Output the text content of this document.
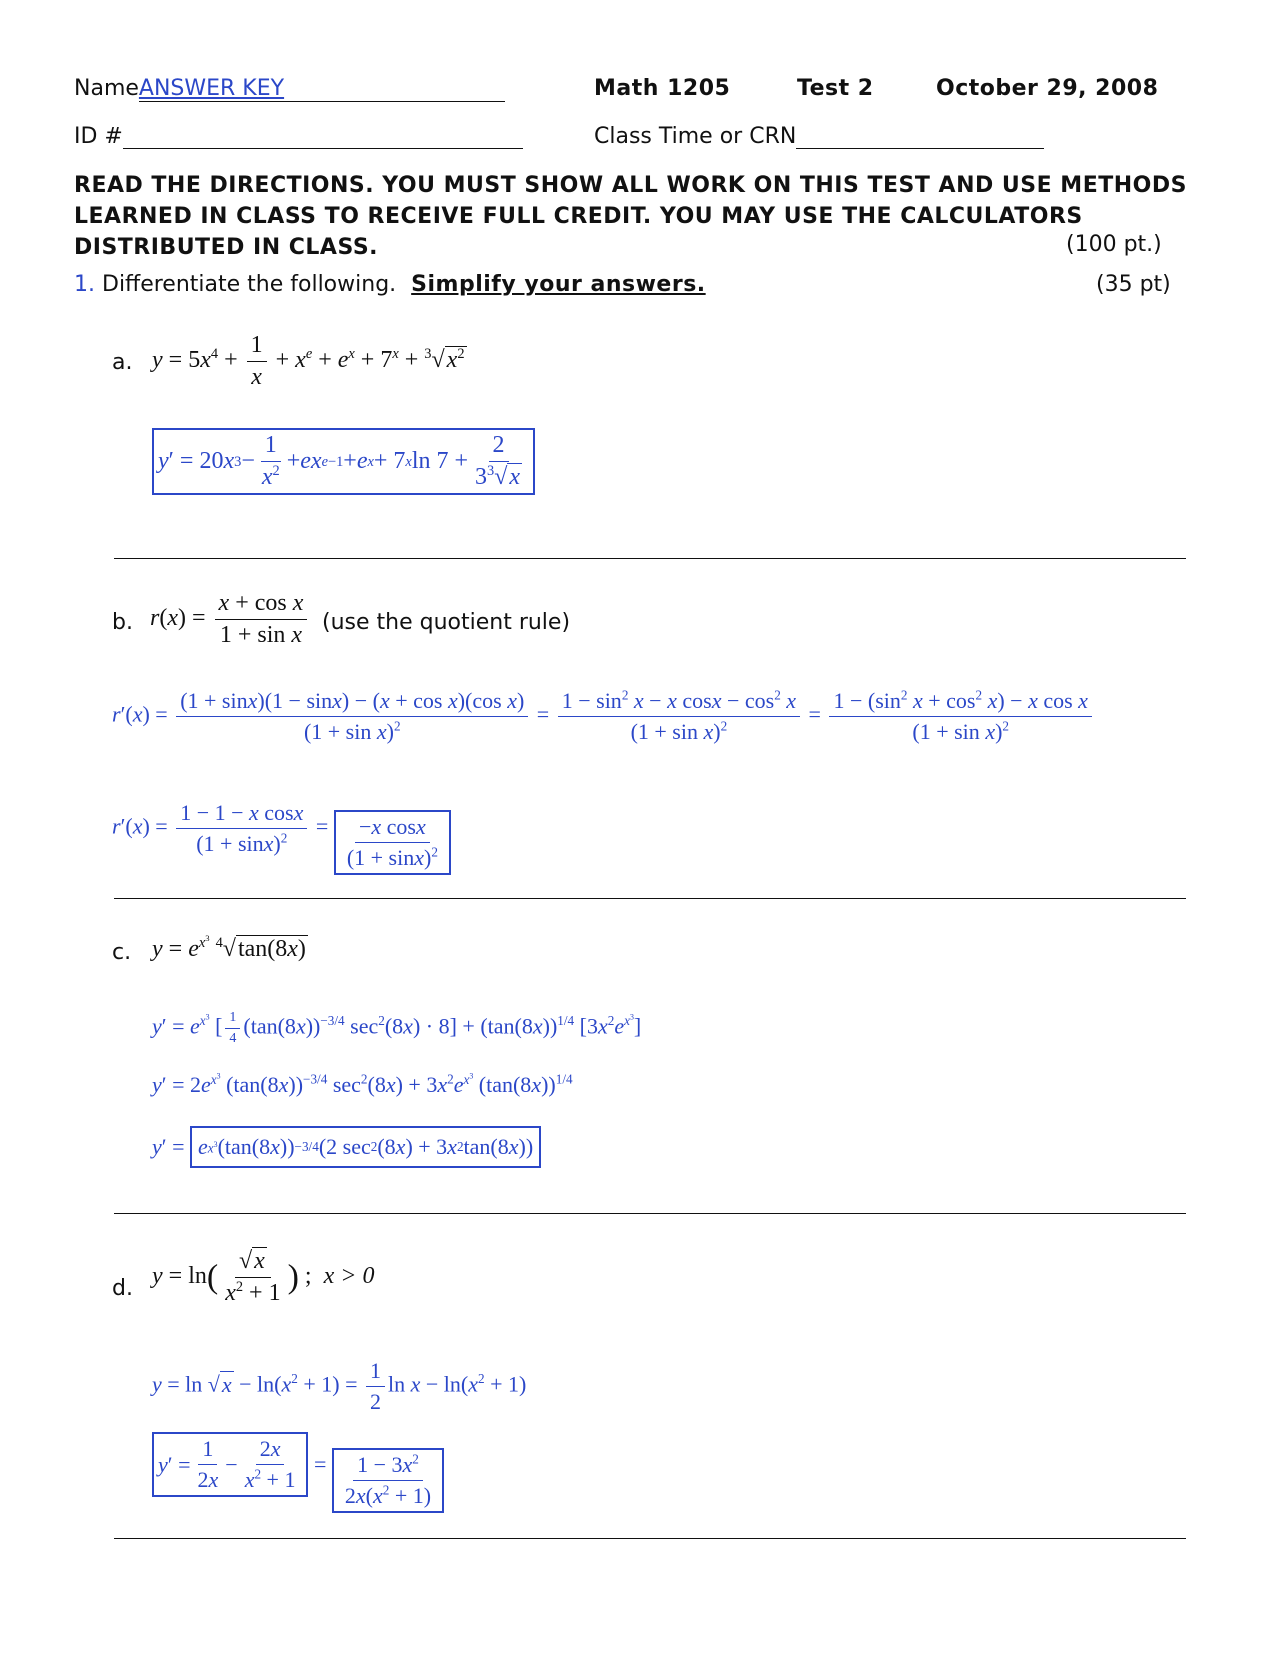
NameANSWER KEY	Math 1205	Test 2	October 29, 2008
ID #	Class Time or CRN
READ THE DIRECTIONS. YOU MUST SHOW ALL WORK ON THIS TEST AND USE METHODS
LEARNED IN CLASS TO RECEIVE FULL CREDIT. YOU MAY USE THE CALCULATORS
DISTRIBUTED IN CLASS.	(100 pt.)
1. Differentiate the following. Simplify your answers.	(35 pt)
a. $y = 5x^4 + \frac{1}{x} + x^e + e^x + 7^x + ^3√x^2$
y ′ = 20 x $3 - \frac{1}{x^2}$ + ex e−1 + e x + 7 x $\ln 7 + \frac{2}{3^3√x}$
b. $r(x) = \frac{\text{x + cos x}}{\text{1 + sin x}} (use$ the quotient rule)
$r'(x) = \frac{\text{(1 + sinx)(1 − sinx) − (x + cos x)(cos x)}}{(1 + \sin x)^2} = \frac{1 - \sin^2 x - x \cos x - \cos^2 x}{(1 + \sin x)^2} = \frac{1 - (\sin^2 x + \cos^2 x) - x \cos x}{(1 + \sin x)^2}$
$r'(x) = \frac{\text{1 − 1 − x cosx}}{(1 + \sin x)^2} = \frac{\text{−x cosx}}{(1 + \sin x)^2}$
c. $y = e^{x^3}$ $^4$√tan(8x)
$y' = e^{x^3}$ [ $\frac{1}{4} (\tan(8x))^{-3/4}$ $\sec^2(8x) \cdot 8] + (\tan(8x))^{1/4}$ $[3x^2e^{x^3}]$
$y' = 2e^{x^3}$ $(\tan(8x))^{-3/4}$ $\sec^2(8x) + 3x^2e^{x^3}$ $(\tan(8x))^{1/4}$
y′ = e $x^3$ (tan(8 x )) −3/4 (2 sec 2 (8 x ) + 3 x 2 tan(8 x ))
d. $y = \ln( \frac{√x}{x^2 + 1}$ ) ;  x > 0
$y = \ln √x - \ln(x^2 + 1) = \frac{1}{2}$ $\ln x - \ln(x^2 + 1)$
y ′ = $\frac{1}{2x} - \frac{2x}{x^2 + 1} = \frac{1 - 3x^2}{2x(x^2 + 1)}$
